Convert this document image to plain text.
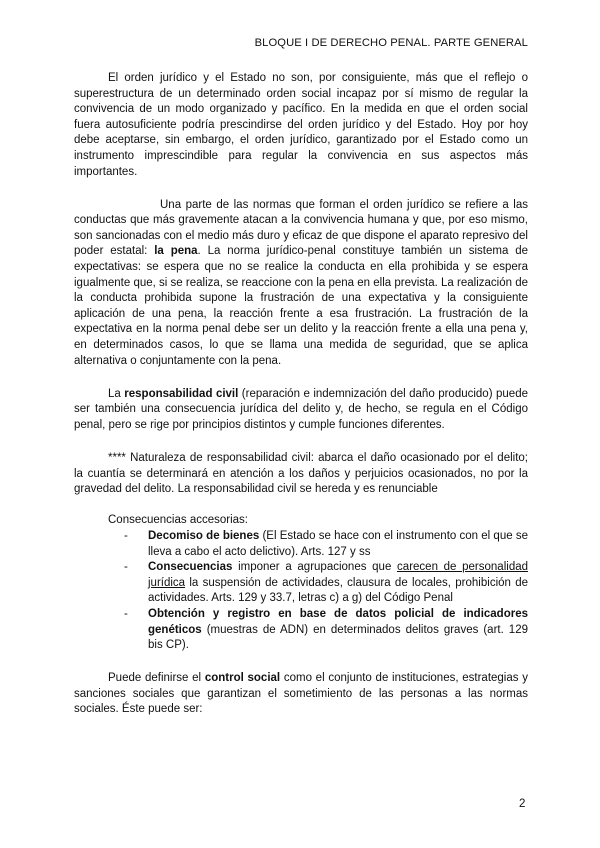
BLOQUE I DE DERECHO PENAL. PARTE GENERAL

El orden jurídico y el Estado no son, por consiguiente, más que el reflejo o superestructura de un determinado orden social incapaz por sí mismo de regular la convivencia de un modo organizado y pacífico. En la medida en que el orden social fuera autosuficiente podría prescindirse del orden jurídico y del Estado. Hoy por hoy debe aceptarse, sin embargo, el orden jurídico, garantizado por el Estado como un instrumento imprescindible para regular la convivencia en sus aspectos más importantes.

Una parte de las normas que forman el orden jurídico se refiere a las conductas que más gravemente atacan a la convivencia humana y que, por eso mismo, son sancionadas con el medio más duro y eficaz de que dispone el aparato represivo del poder estatal: la pena. La norma jurídico-penal constituye también un sistema de expectativas: se espera que no se realice la conducta en ella prohibida y se espera igualmente que, si se realiza, se reaccione con la pena en ella prevista. La realización de la conducta prohibida supone la frustración de una expectativa y la consiguiente aplicación de una pena, la reacción frente a esa frustración. La frustración de la expectativa en la norma penal debe ser un delito y la reacción frente a ella una pena y, en determinados casos, lo que se llama una medida de seguridad, que se aplica alternativa o conjuntamente con la pena.

La responsabilidad civil (reparación e indemnización del daño producido) puede ser también una consecuencia jurídica del delito y, de hecho, se regula en el Código penal, pero se rige por principios distintos y cumple funciones diferentes.

**** Naturaleza de responsabilidad civil: abarca el daño ocasionado por el delito; la cuantía se determinará en atención a los daños y perjuicios ocasionados, no por la gravedad del delito. La responsabilidad civil se hereda y es renunciable

Consecuencias accesorias:

- Decomiso de bienes (El Estado se hace con el instrumento con el que se lleva a cabo el acto delictivo). Arts. 127 y ss
- Consecuencias imponer a agrupaciones que carecen de personalidad jurídica la suspensión de actividades, clausura de locales, prohibición de actividades. Arts. 129 y 33.7, letras c) a g) del Código Penal
- Obtención y registro en base de datos policial de indicadores genéticos (muestras de ADN) en determinados delitos graves (art. 129 bis CP).

Puede definirse el control social como el conjunto de instituciones, estrategias y sanciones sociales que garantizan el sometimiento de las personas a las normas sociales. Éste puede ser:

2
